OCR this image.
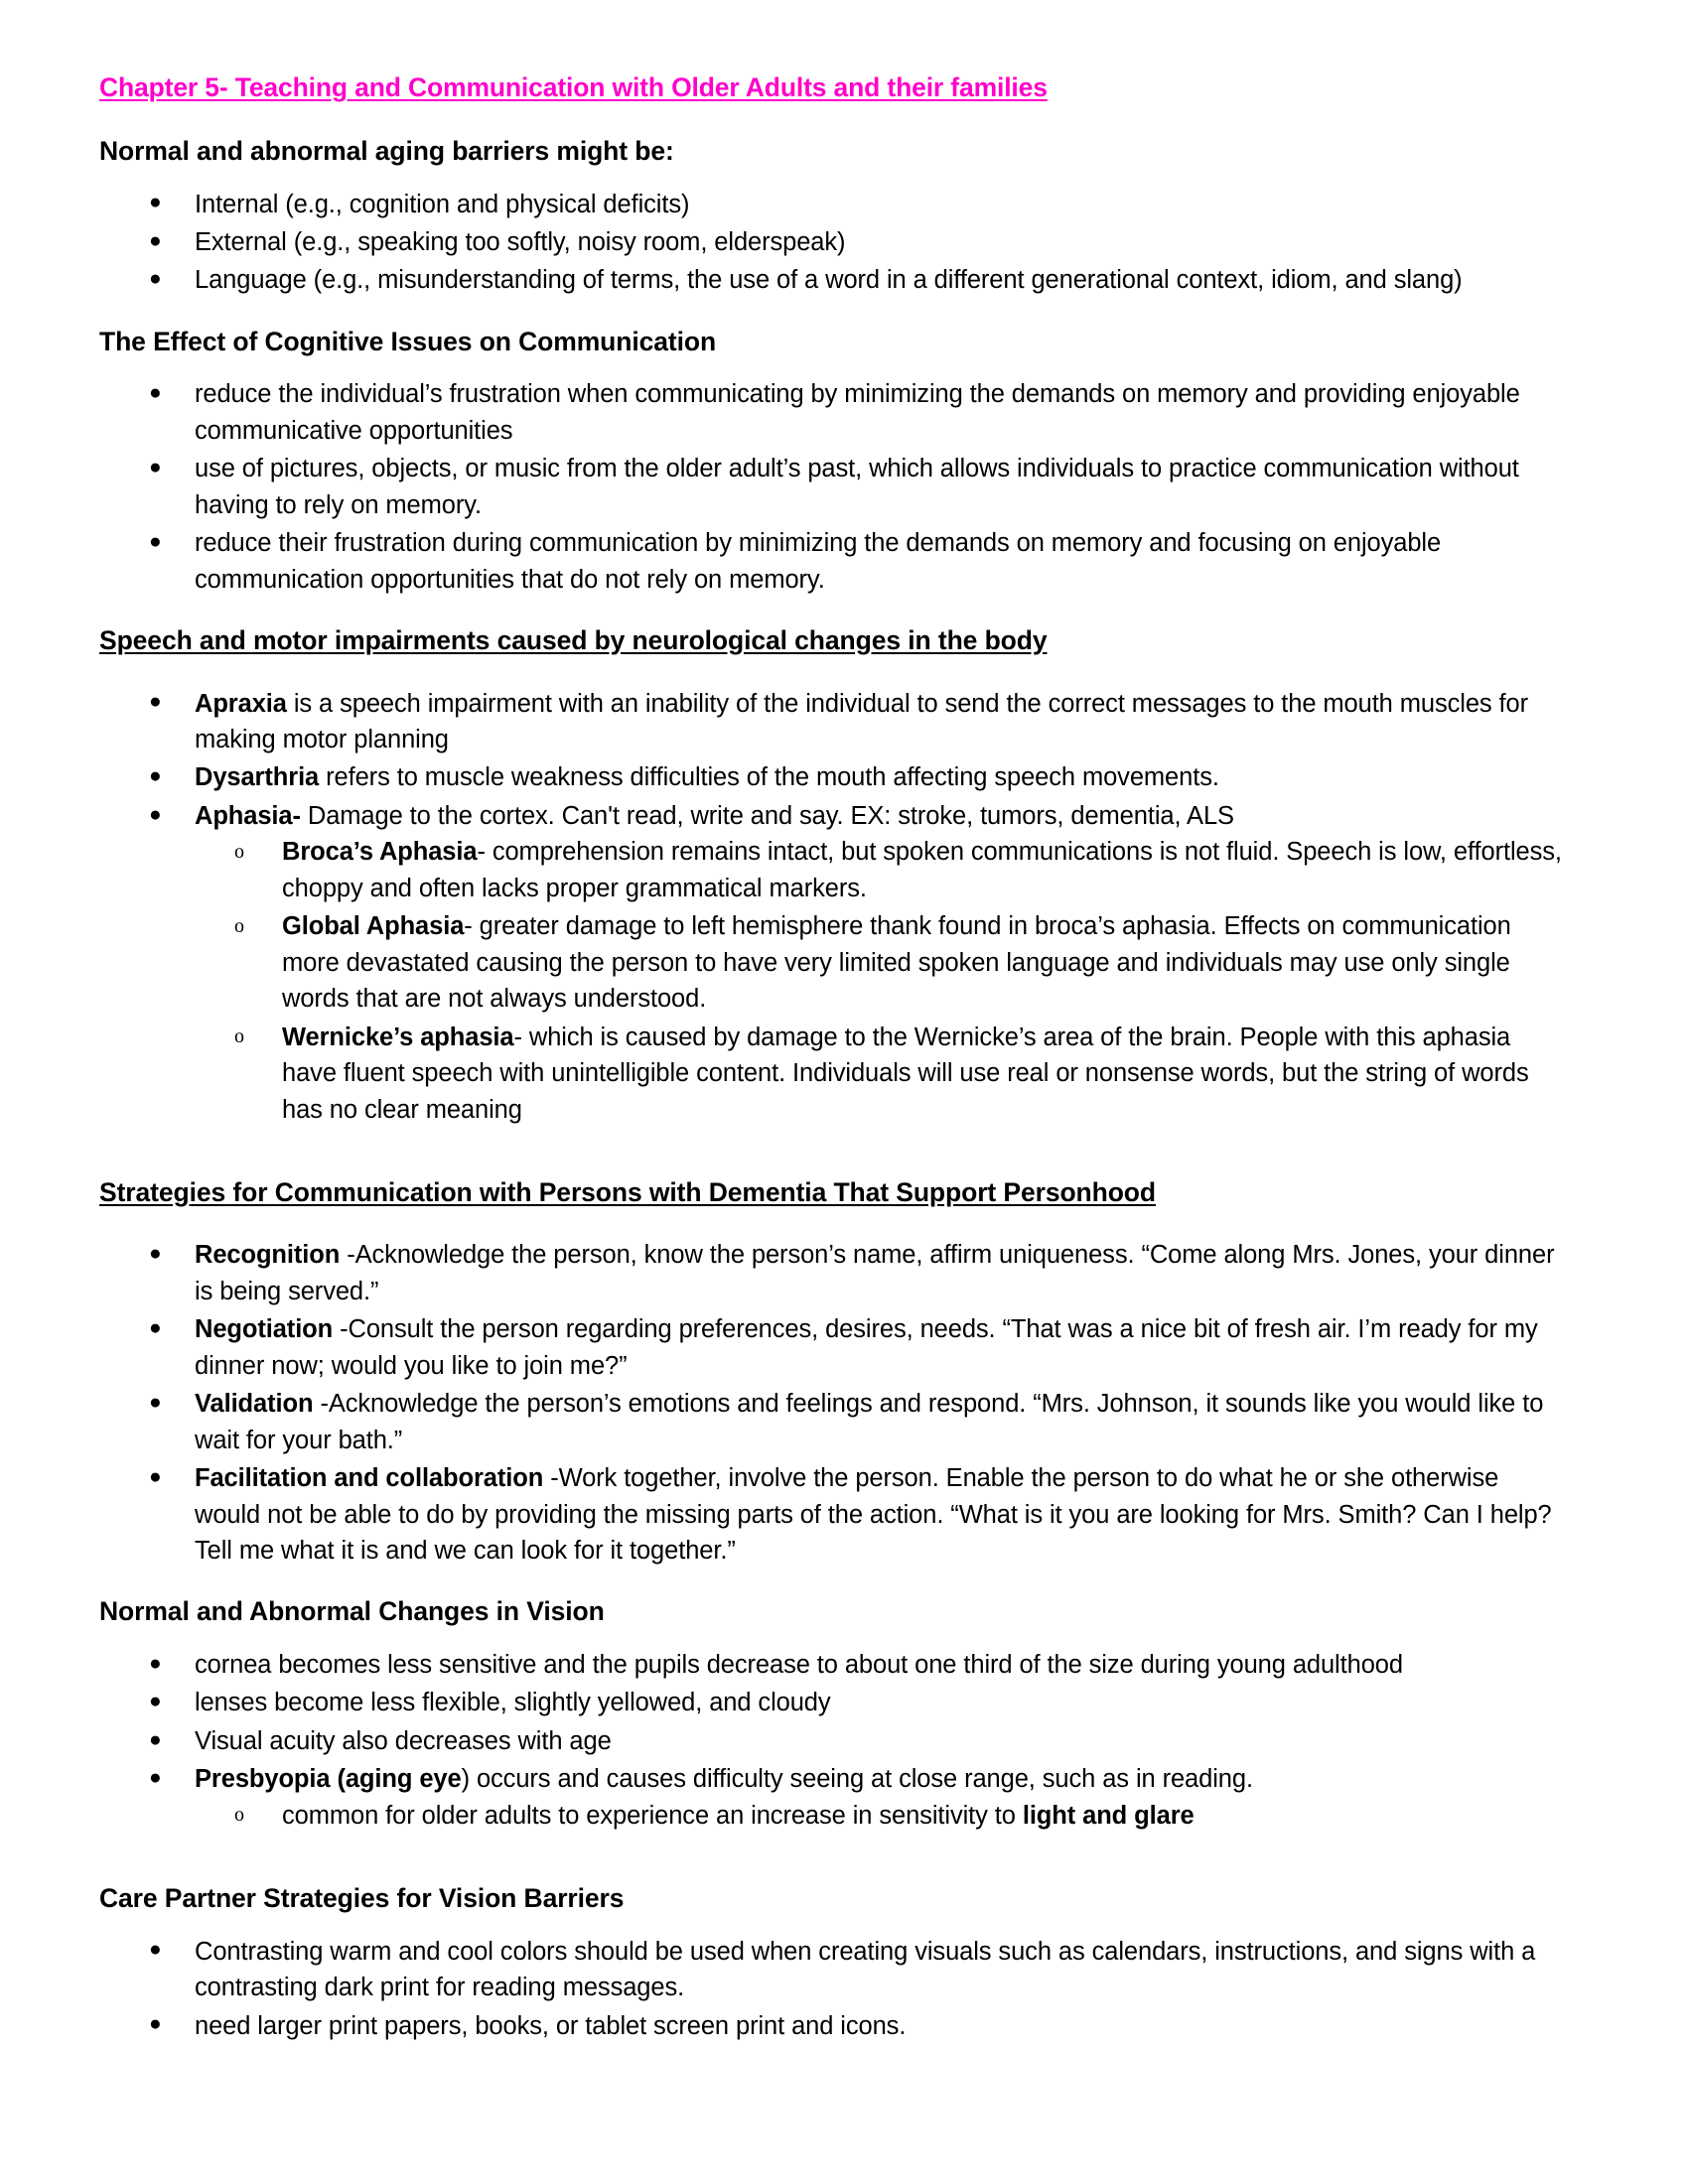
Chapter 5- Teaching and Communication with Older Adults and their families
Normal and abnormal aging barriers might be:
● Internal (e.g., cognition and physical deficits)
● External (e.g., speaking too softly, noisy room, elderspeak)
● Language (e.g., misunderstanding of terms, the use of a word in a different generational context, idiom, and slang)
The Effect of Cognitive Issues on Communication
● reduce the individual’s frustration when communicating by minimizing the demands on memory and providing enjoyable communicative opportunities
● use of pictures, objects, or music from the older adult’s past, which allows individuals to practice communication without having to rely on memory.
● reduce their frustration during communication by minimizing the demands on memory and focusing on enjoyable communication opportunities that do not rely on memory.
Speech and motor impairments caused by neurological changes in the body
● Apraxia is a speech impairment with an inability of the individual to send the correct messages to the mouth muscles for making motor planning
● Dysarthria refers to muscle weakness difficulties of the mouth affecting speech movements.
● Aphasia- Damage to the cortex. Can't read, write and say. EX: stroke, tumors, dementia, ALS
o Broca’s Aphasia- comprehension remains intact, but spoken communications is not fluid. Speech is low, effortless, choppy and often lacks proper grammatical markers.
o Global Aphasia- greater damage to left hemisphere thank found in broca’s aphasia. Effects on communication more devastated causing the person to have very limited spoken language and individuals may use only single words that are not always understood.
o Wernicke’s aphasia- which is caused by damage to the Wernicke’s area of the brain. People with this aphasia have fluent speech with unintelligible content. Individuals will use real or nonsense words, but the string of words has no clear meaning
Strategies for Communication with Persons with Dementia That Support Personhood
● Recognition -Acknowledge the person, know the person’s name, affirm uniqueness. “Come along Mrs. Jones, your dinner is being served.”
● Negotiation -Consult the person regarding preferences, desires, needs. “That was a nice bit of fresh air. I’m ready for my dinner now; would you like to join me?”
● Validation -Acknowledge the person’s emotions and feelings and respond. “Mrs. Johnson, it sounds like you would like to wait for your bath.”
● Facilitation and collaboration -Work together, involve the person. Enable the person to do what he or she otherwise would not be able to do by providing the missing parts of the action. “What is it you are looking for Mrs. Smith? Can I help? Tell me what it is and we can look for it together.”
Normal and Abnormal Changes in Vision
● cornea becomes less sensitive and the pupils decrease to about one third of the size during young adulthood
● lenses become less flexible, slightly yellowed, and cloudy
● Visual acuity also decreases with age
● Presbyopia (aging eye) occurs and causes difficulty seeing at close range, such as in reading.
o common for older adults to experience an increase in sensitivity to light and glare
Care Partner Strategies for Vision Barriers
● Contrasting warm and cool colors should be used when creating visuals such as calendars, instructions, and signs with a contrasting dark print for reading messages.
● need larger print papers, books, or tablet screen print and icons.
